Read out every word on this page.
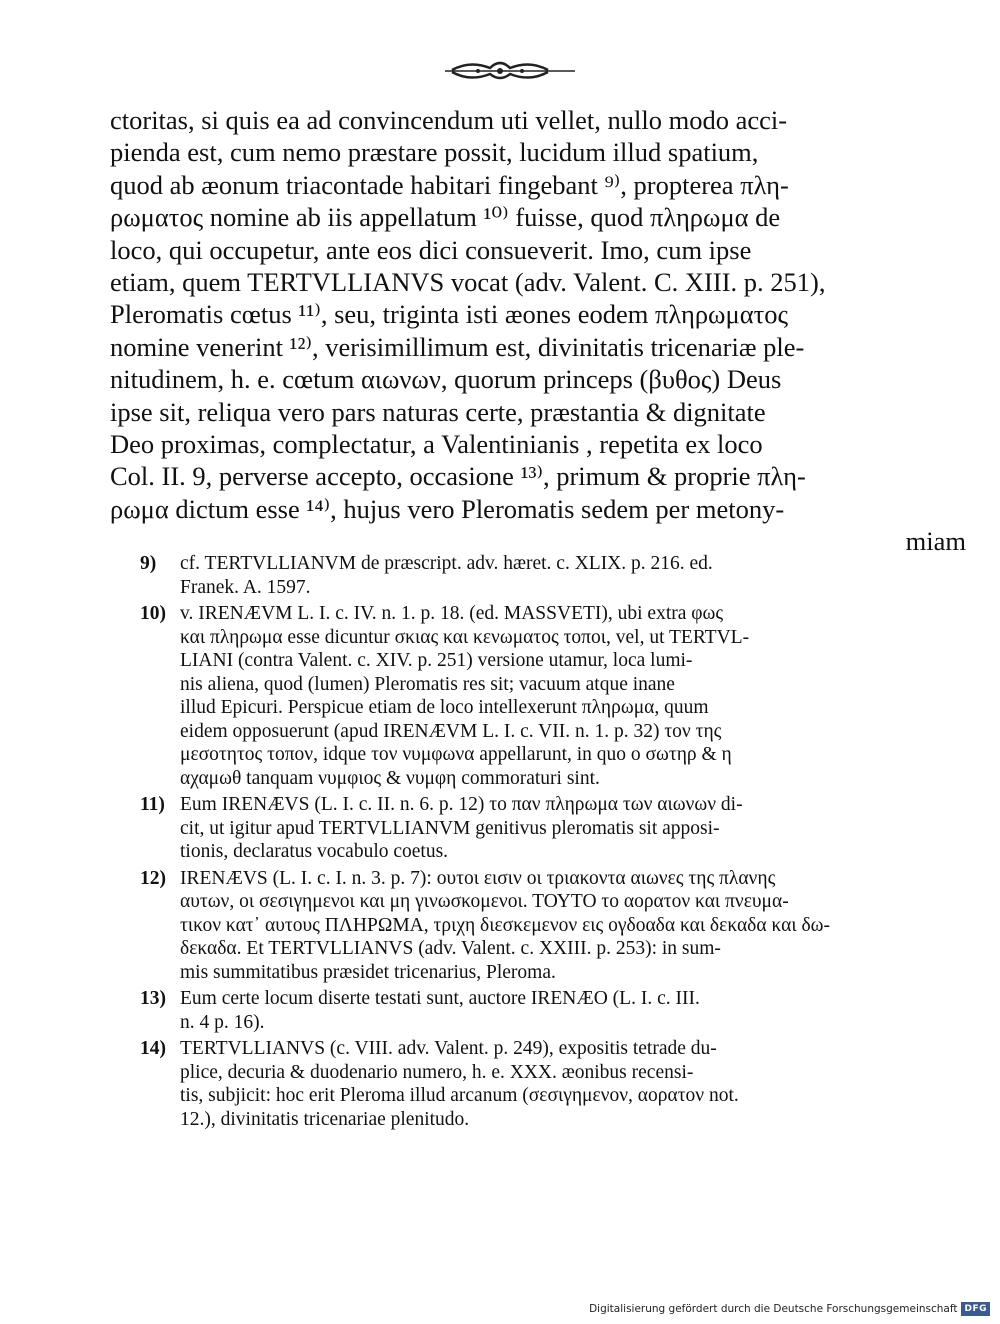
ctoritas, si quis ea ad convincendum uti vellet, nullo modo acci-
pienda est, cum nemo præstare possit, lucidum illud spatium,
quod ab æonum triacontade habitari fingebant ⁹⁾, propterea πλη-
ρωματος nomine ab iis appellatum ¹⁰⁾ fuisse, quod πληρωμα de
loco, qui occupetur, ante eos dici consueverit. Imo, cum ipse
etiam, quem TERTVLLIANVS vocat (adv. Valent. C. XIII. p. 251),
Pleromatis cœtus ¹¹⁾, seu, triginta isti æones eodem πληρωματος
nomine venerint ¹²⁾, verisimillimum est, divinitatis tricenariæ ple-
nitudinem, h. e. cœtum αιωνων, quorum princeps (βυθος) Deus
ipse sit, reliqua vero pars naturas certe, præstantia & dignitate
Deo proximas, complectatur, a Valentinianis , repetita ex loco
Col. II. 9, perverse accepto, occasione ¹³⁾, primum & proprie πλη-
ρωμα dictum esse ¹⁴⁾, hujus vero Pleromatis sedem per metony-
miam
9)	cf. TERTVLLIANVM de præscript. adv. hæret. c. XLIX. p. 216. ed.
Franek. A. 1597.
10) v. IRENÆVM L. I. c. IV. n. 1. p. 18. (ed. MASSVETI), ubi extra φως
και πληρωμα esse dicuntur σκιας και κενωματος τοποι, vel, ut TERTVL-
LIANI (contra Valent. c. XIV. p. 251) versione utamur, loca lumi-
nis aliena, quod (lumen) Pleromatis res sit; vacuum atque inane
illud Epicuri. Perspicue etiam de loco intellexerunt πληρωμα, quum
eidem opposuerunt (apud IRENÆVM L. I. c. VII. n. 1. p. 32) τον της
μεσοτητος τοπον, idque τον νυμφωνα appellarunt, in quo ο σωτηρ & η
αχαμωθ tanquam νυμφιος & νυμφη commoraturi sint.
11) Eum IRENÆVS (L. I. c. II. n. 6. p. 12) το παν πληρωμα των αιωνων di-
cit, ut igitur apud TERTVLLIANVM genitivus pleromatis sit apposi-
tionis, declaratus vocabulo coetus.
12) IRENÆVS (L. I. c. I. n. 3. p. 7): ουτοι εισιν οι τριακοντα αιωνες της πλανης
αυτων, οι σεσιγημενοι και μη γινωσκομενοι. ΤΟΥΤΟ το αορατον και πνευμα-
τικον κατ᾽ αυτους ΠΛΗΡΩΜΑ, τριχη διεσκεμενον εις ογδοαδα και δεκαδα και δω-
δεκαδα. Et TERTVLLIANVS (adv. Valent. c. XXIII. p. 253): in sum-
mis summitatibus præsidet tricenarius, Pleroma.
13) Eum certe locum diserte testati sunt, auctore IRENÆO (L. I. c. III.
n. 4 p. 16).
14) TERTVLLIANVS (c. VIII. adv. Valent. p. 249), expositis tetrade du-
plice, decuria & duodenario numero, h. e. XXX. æonibus recensi-
tis, subjicit: hoc erit Pleroma illud arcanum (σεσιγημενον, αορατον not.
12.), divinitatis tricenariae plenitudo.
Digitalisierung gefördert durch die Deutsche Forschungsgemeinschaft DFG
